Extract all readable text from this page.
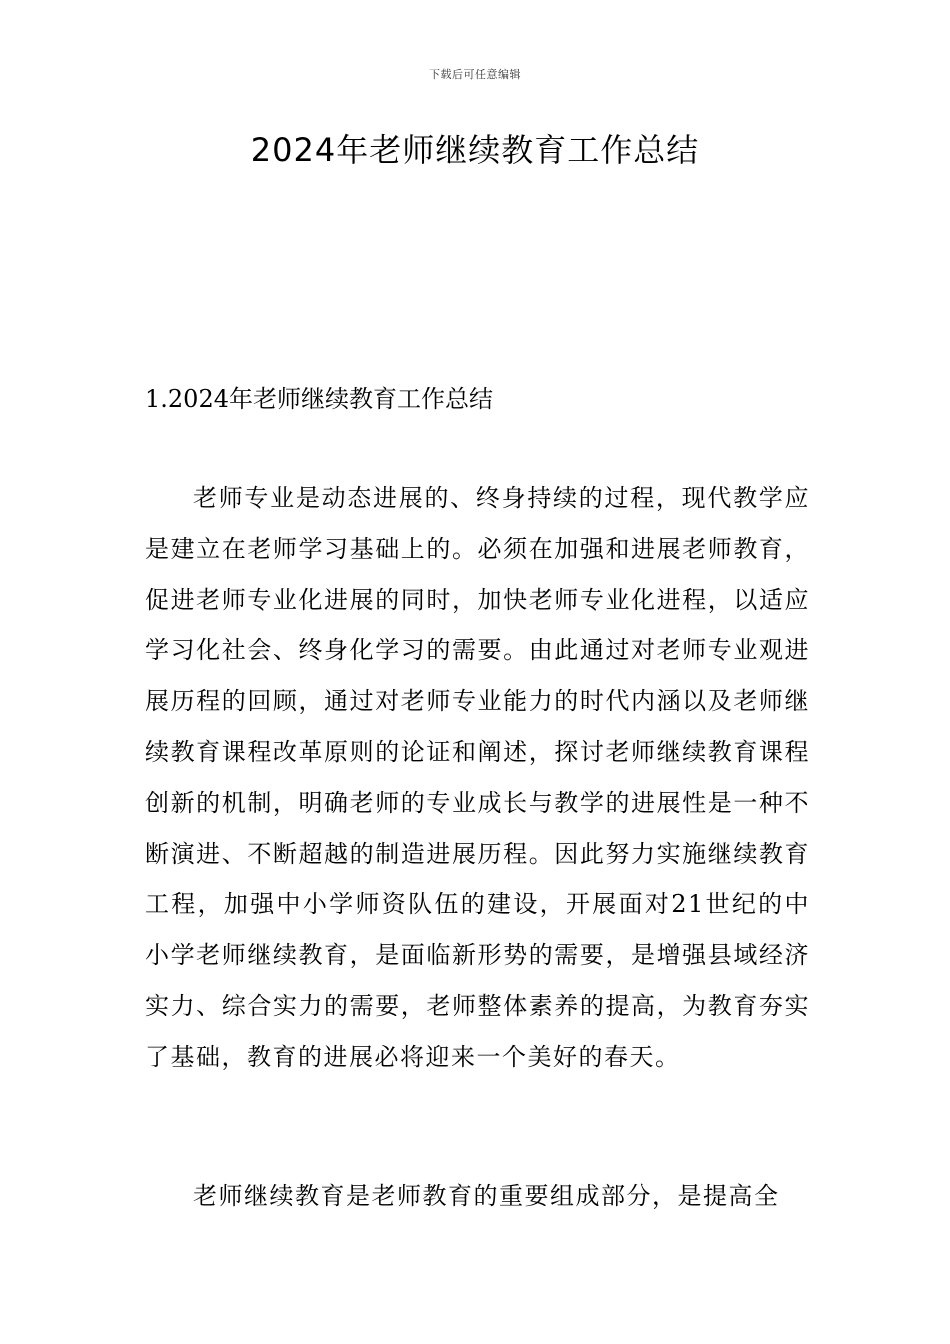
下载后可任意编辑
2024年老师继续教育工作总结
1.2024年老师继续教育工作总结

老师专业是动态进展的、终身持续的过程，现代教学应是建立在老师学习基础上的。必须在加强和进展老师教育，促进老师专业化进展的同时，加快老师专业化进程，以适应学习化社会、终身化学习的需要。由此通过对老师专业观进展历程的回顾，通过对老师专业能力的时代内涵以及老师继续教育课程改革原则的论证和阐述，探讨老师继续教育课程创新的机制，明确老师的专业成长与教学的进展性是一种不断演进、不断超越的制造进展历程。因此努力实施继续教育工程，加强中小学师资队伍的建设，开展面对21世纪的中小学老师继续教育，是面临新形势的需要，是增强县域经济实力、综合实力的需要，老师整体素养的提高，为教育夯实了基础，教育的进展必将迎来一个美好的春天。

老师继续教育是老师教育的重要组成部分，是提高全
